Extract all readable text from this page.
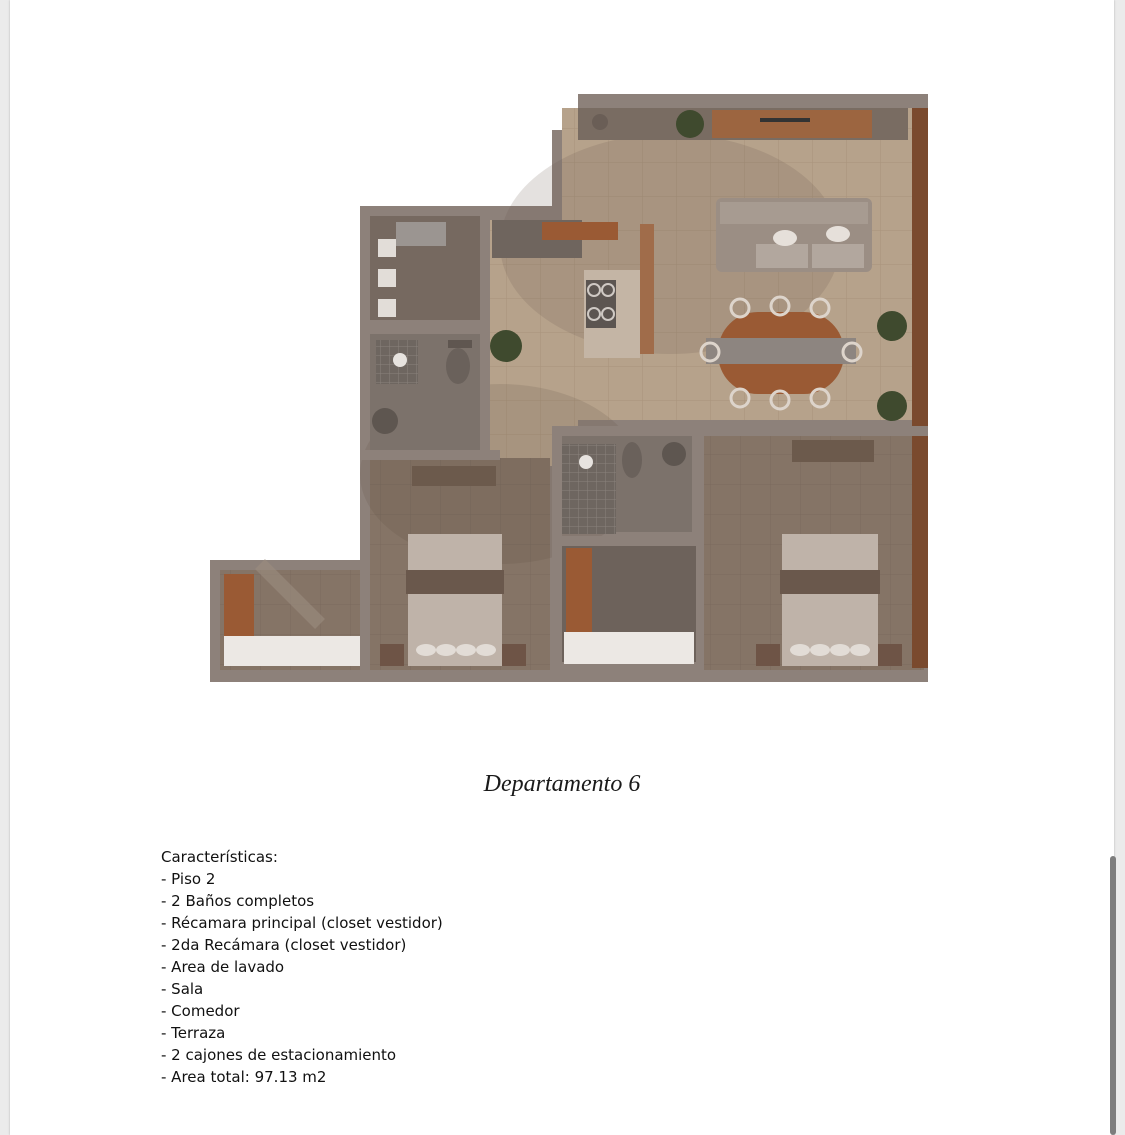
Departamento 6
Características:
- Piso 2
- 2 Baños completos
- Récamara principal (closet vestidor)
- 2da Recámara (closet vestidor)
- Area de lavado
- Sala
- Comedor
- Terraza
- 2 cajones de estacionamiento
- Area total: 97.13 m2
